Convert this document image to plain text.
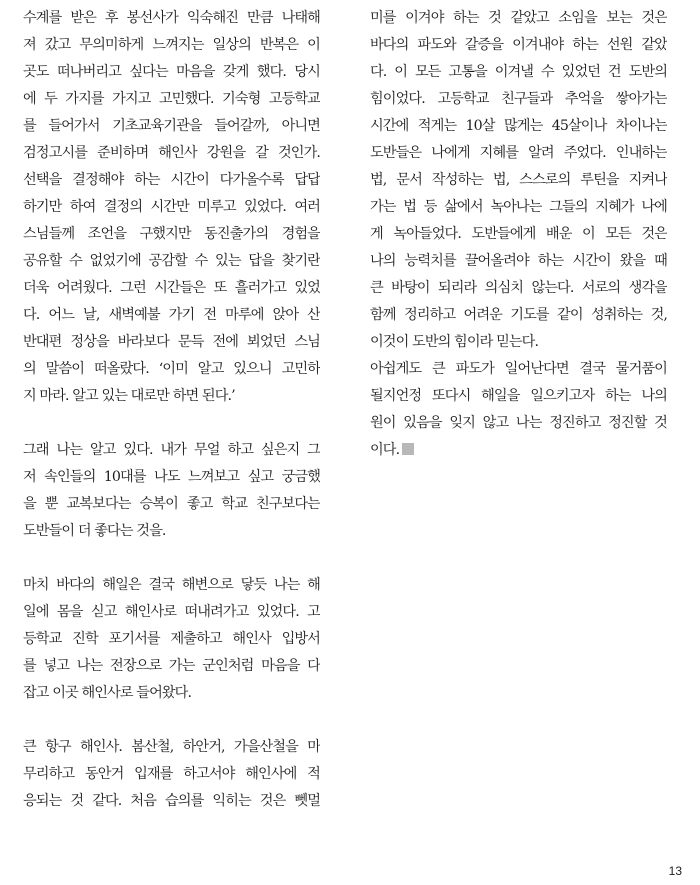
수계를 받은 후 봉선사가 익숙해진 만큼 나태해
져 갔고 무의미하게 느껴지는 일상의 반복은 이
곳도 떠나버리고 싶다는 마음을 갖게 했다. 당시
에 두 가지를 가지고 고민했다. 기숙형 고등학교
를 들어가서 기초교육기관을 들어갈까, 아니면
검정고시를 준비하며 해인사 강원을 갈 것인가.
선택을 결정해야 하는 시간이 다가올수록 답답
하기만 하여 결정의 시간만 미루고 있었다. 여러
스님들께 조언을 구했지만 동진출가의 경험을
공유할 수 없었기에 공감할 수 있는 답을 찾기란
더욱 어려웠다. 그런 시간들은 또 흘러가고 있었
다. 어느 날, 새벽예불 가기 전 마루에 앉아 산
반대편 정상을 바라보다 문득 전에 뵈었던 스님
의 말씀이 떠올랐다. ‘이미 알고 있으니 고민하
지 마라. 알고 있는 대로만 하면 된다.’
그래 나는 알고 있다. 내가 무얼 하고 싶은지 그
저 속인들의 10대를 나도 느껴보고 싶고 궁금했
을 뿐 교복보다는 승복이 좋고 학교 친구보다는
도반들이 더 좋다는 것을.
마치 바다의 해일은 결국 해변으로 닿듯 나는 해
일에 몸을 싣고 해인사로 떠내려가고 있었다. 고
등학교 진학 포기서를 제출하고 해인사 입방서
를 넣고 나는 전장으로 가는 군인처럼 마음을 다
잡고 이곳 해인사로 들어왔다.
큰 항구 해인사. 봄산철, 하안거, 가을산철을 마
무리하고 동안거 입재를 하고서야 해인사에 적
응되는 것 같다. 처음 습의를 익히는 것은 뻿멀
미를 이겨야 하는 것 같았고 소임을 보는 것은
바다의 파도와 갈증을 이겨내야 하는 선원 같았
다. 이 모든 고통을 이겨낼 수 있었던 건 도반의
힘이었다. 고등학교 친구들과 추억을 쌓아가는
시간에 적게는 10살 많게는 45살이나 차이나는
도반들은 나에게 지혜를 알려 주었다. 인내하는
법, 문서 작성하는 법, 스스로의 루틴을 지켜나
가는 법 등 삶에서 녹아나는 그들의 지혜가 나에
게 녹아들었다. 도반들에게 배운 이 모든 것은
나의 능력치를 끌어올려야 하는 시간이 왔을 때
큰 바탕이 되리라 의심치 않는다. 서로의 생각을
함께 정리하고 어려운 기도를 같이 성취하는 것,
이것이 도반의 힘이라 믿는다.
아쉽게도 큰 파도가 일어난다면 결국 물거품이
될지언정 또다시 해일을 일으키고자 하는 나의
원이 있음을 잊지 않고 나는 정진하고 정진할 것
이다.
13
